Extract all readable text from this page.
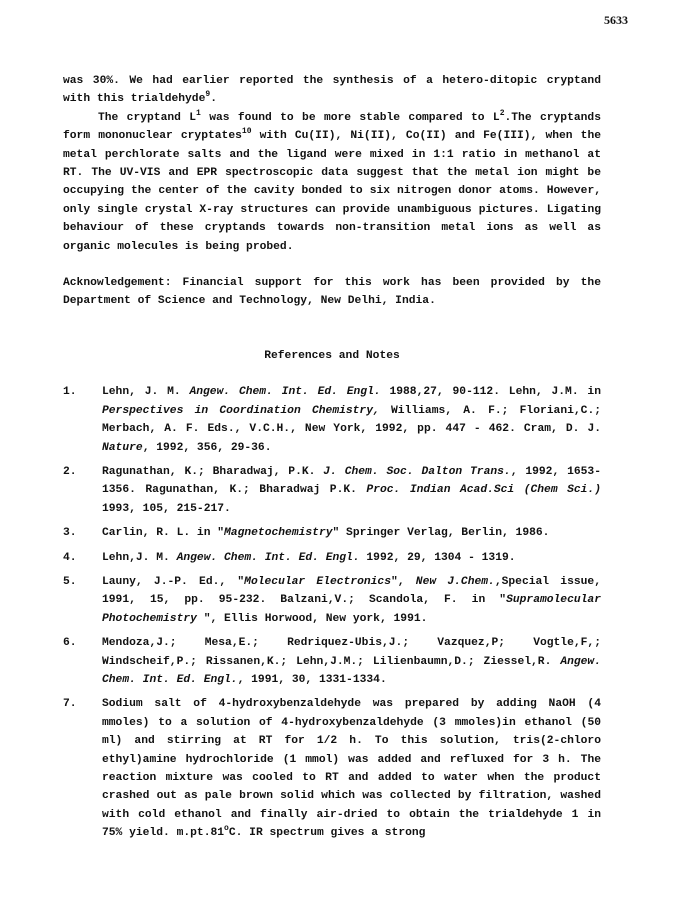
5633

was 30%. We had earlier reported the synthesis of a hetero-ditopic cryptand with this trialdehyde$^9$.

The cryptand $L^1$ was found to be more stable compared to $L^2.The$ cryptands form mononuclear cryptates$^{10}$ with Cu(II), Ni(II), Co(II) and Fe(III), when the metal perchlorate salts and the ligand were mixed in 1:1 ratio in methanol at RT. The UV-VIS and EPR spectroscopic data suggest that the metal ion might be occupying the center of the cavity bonded to six nitrogen donor atoms. However, only single crystal X-ray structures can provide unambiguous pictures. Ligating behaviour of these cryptands towards non-transition metal ions as well as organic molecules is being probed.

Acknowledgement: Financial support for this work has been provided by the Department of Science and Technology, New Delhi, India.

References and Notes

1. Lehn, J. M. Angew. Chem. Int. Ed. Engl. 1988,27, 90-112. Lehn, J.M. in Perspectives in Coordination Chemistry, Williams, A. F.; Floriani,C.; Merbach, A. F. Eds., V.C.H., New York, 1992, pp. 447 - 462. Cram, D. J. Nature, 1992, 356, 29-36.
2. Ragunathan, K.; Bharadwaj, P.K. J. Chem. Soc. Dalton Trans., 1992, 1653-1356. Ragunathan, K.; Bharadwaj P.K. Proc. Indian Acad.Sci (Chem Sci.) 1993, 105, 215-217.
3. Carlin, R. L. in "Magnetochemistry" Springer Verlag, Berlin, 1986.
4. Lehn,J. M. Angew. Chem. Int. Ed. Engl. 1992, 29, 1304 - 1319.
5. Launy, J.-P. Ed., "Molecular Electronics", New J.Chem.,Special issue, 1991, 15, pp. 95-232. Balzani,V.; Scandola, F. in "Supramolecular Photochemistry ", Ellis Horwood, New york, 1991.
6. Mendoza,J.; Mesa,E.; Redriquez-Ubis,J.; Vazquez,P; Vogtle,F,; Windscheif,P.; Rissanen,K.; Lehn,J.M.; Lilienbaumn,D.; Ziessel,R. Angew. Chem. Int. Ed. Engl., 1991, 30, 1331-1334.
7. Sodium salt of 4-hydroxybenzaldehyde was prepared by adding NaOH (4 mmoles) to a solution of 4-hydroxybenzaldehyde (3 mmoles)in ethanol (50 ml) and stirring at RT for 1/2 h. To this solution, tris(2-chloro ethyl)amine hydrochloride (1 mmol) was added and refluxed for 3 h. The reaction mixture was cooled to RT and added to water when the product crashed out as pale brown solid which was collected by filtration, washed with cold ethanol and finally air-dried to obtain the trialdehyde 1 in 75% yield. m.pt.81$^o$C. IR spectrum gives a strong
